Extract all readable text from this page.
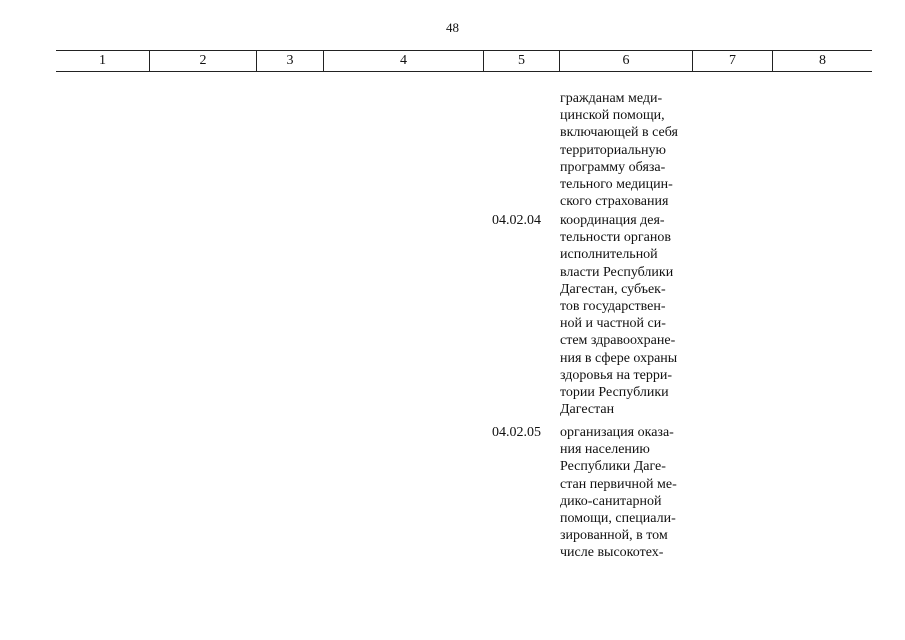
48
1	2	3	4	5	6	7	8
гражданам меди-
цинской помощи,
включающей в себя
территориальную
программу обяза-
тельного медицин-
ского страхования
04.02.04	координация дея-
тельности органов
исполнительной
власти Республики
Дагестан, субъек-
тов государствен-
ной и частной си-
стем здравоохране-
ния в сфере охраны
здоровья на терри-
тории Республики
Дагестан
04.02.05	организация оказа-
ния населению
Республики Даге-
стан первичной ме-
дико-санитарной
помощи, специали-
зированной, в том
числе высокотех-
